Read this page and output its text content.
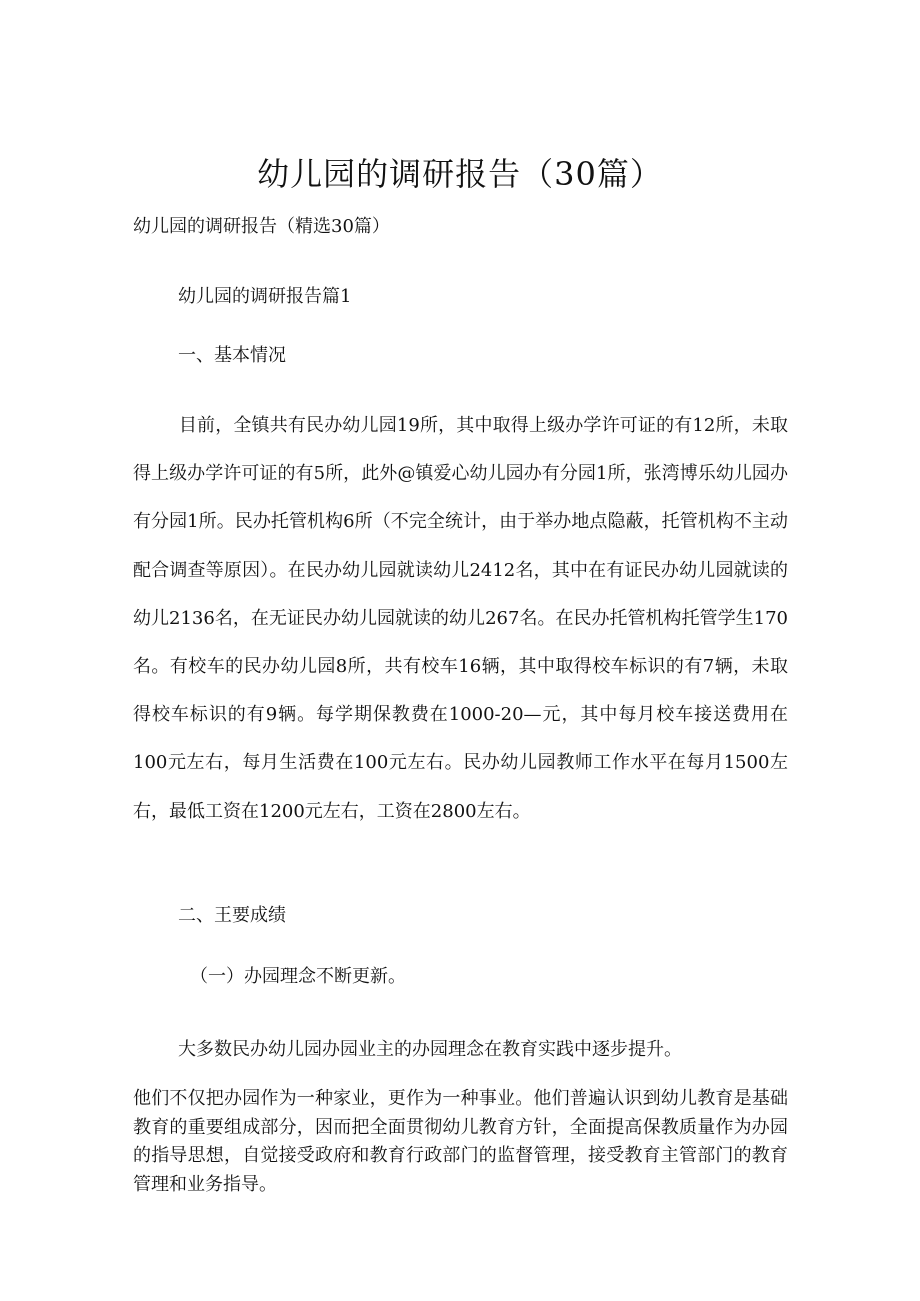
幼儿园的调研报告（30篇）

幼儿园的调研报告（精选30篇）

幼儿园的调研报告篇1
一、基本情况

目前，全镇共有民办幼儿园19所，其中取得上级办学许可证的有12所，未取得上级办学许可证的有5所，此外@镇爱心幼儿园办有分园1所，张湾博乐幼儿园办有分园1所。民办托管机构6所（不完全统计，由于举办地点隐蔽，托管机构不主动配合调查等原因）。在民办幼儿园就读幼儿2412名，其中在有证民办幼儿园就读的幼儿2136名，在无证民办幼儿园就读的幼儿267名。在民办托管机构托管学生170名。有校车的民办幼儿园8所，共有校车16辆，其中取得校车标识的有7辆，未取得校车标识的有9辆。每学期保教费在1000-20—元，其中每月校车接送费用在100元左右，每月生活费在100元左右。民办幼儿园教师工作水平在每月1500左右，最低工资在1200元左右，工资在2800左右。

二、王要成绩
（一）办园理念不断更新。

大多数民办幼儿园办园业主的办园理念在教育实践中逐步提升。

他们不仅把办园作为一种家业，更作为一种事业。他们普遍认识到幼儿教育是基础教育的重要组成部分，因而把全面贯彻幼儿教育方针，全面提高保教质量作为办园的指导思想，自觉接受政府和教育行政部门的监督管理，接受教育主管部门的教育管理和业务指导。
